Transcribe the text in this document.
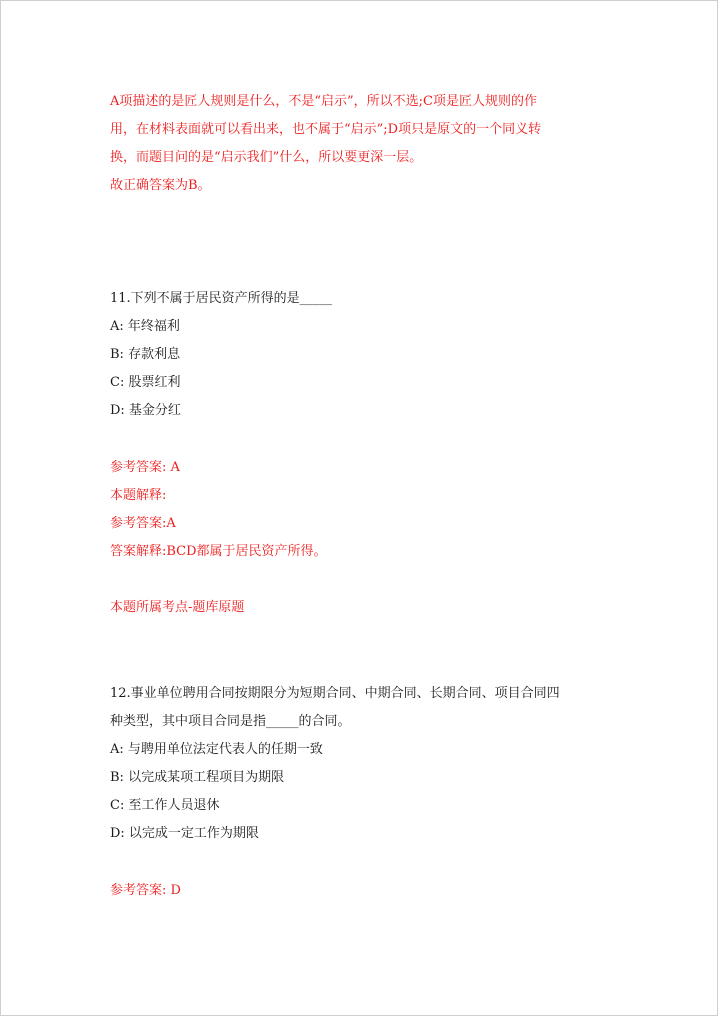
A项描述的是匠人规则是什么，不是“启示”，所以不选;C项是匠人规则的作
用，在材料表面就可以看出来，也不属于“启示”;D项只是原文的一个同义转
换，而题目问的是“启示我们”什么，所以要更深一层。
故正确答案为B。
11.下列不属于居民资产所得的是_____
A: 年终福利
B: 存款利息
C: 股票红利
D: 基金分红
参考答案: A
本题解释:
参考答案:A
答案解释:BCD都属于居民资产所得。
本题所属考点-题库原题
12.事业单位聘用合同按期限分为短期合同、中期合同、长期合同、项目合同四
种类型，其中项目合同是指_____的合同。
A: 与聘用单位法定代表人的任期一致
B: 以完成某项工程项目为期限
C: 至工作人员退休
D: 以完成一定工作为期限
参考答案: D
